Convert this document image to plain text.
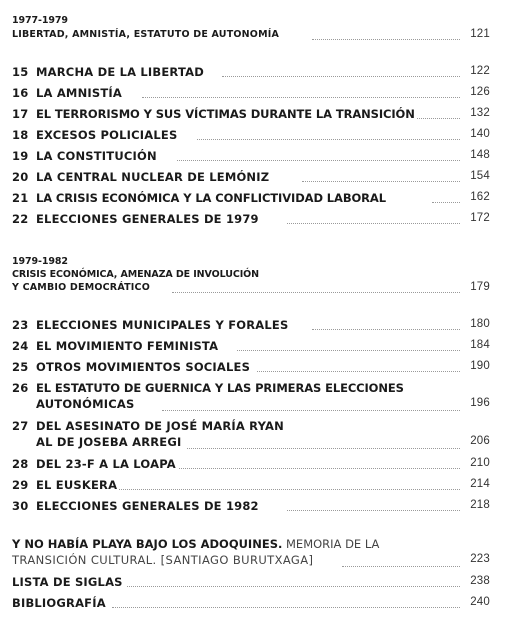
1977-1979
LIBERTAD, AMNISTÍA, ESTATUTO DE AUTONOMÍA	121
15 MARCHA DE LA LIBERTAD	122
16 LA AMNISTÍA	126
17 EL TERRORISMO Y SUS VÍCTIMAS DURANTE LA TRANSICIÓN	132
18 EXCESOS POLICIALES	140
19 LA CONSTITUCIÓN	148
20 LA CENTRAL NUCLEAR DE LEMÓNIZ	154
21 LA CRISIS ECONÓMICA Y LA CONFLICTIVIDAD LABORAL	162
22 ELECCIONES GENERALES DE 1979	172
1979-1982
CRISIS ECONÓMICA, AMENAZA DE INVOLUCIÓN
Y CAMBIO DEMOCRÁTICO	179
23 ELECCIONES MUNICIPALES Y FORALES	180
24 EL MOVIMIENTO FEMINISTA	184
25 OTROS MOVIMIENTOS SOCIALES	190
26 EL ESTATUTO DE GUERNICA Y LAS PRIMERAS ELECCIONES
AUTONÓMICAS	196
27 DEL ASESINATO DE JOSÉ MARÍA RYAN
AL DE JOSEBA ARREGI	206
28 DEL 23-F A LA LOAPA	210
29 EL EUSKERA	214
30 ELECCIONES GENERALES DE 1982	218
Y NO HABÍA PLAYA BAJO LOS ADOQUINES. MEMORIA DE LA
TRANSICIÓN CULTURAL. [SANTIAGO BURUTXAGA]	223
LISTA DE SIGLAS	238
BIBLIOGRAFÍA	240
